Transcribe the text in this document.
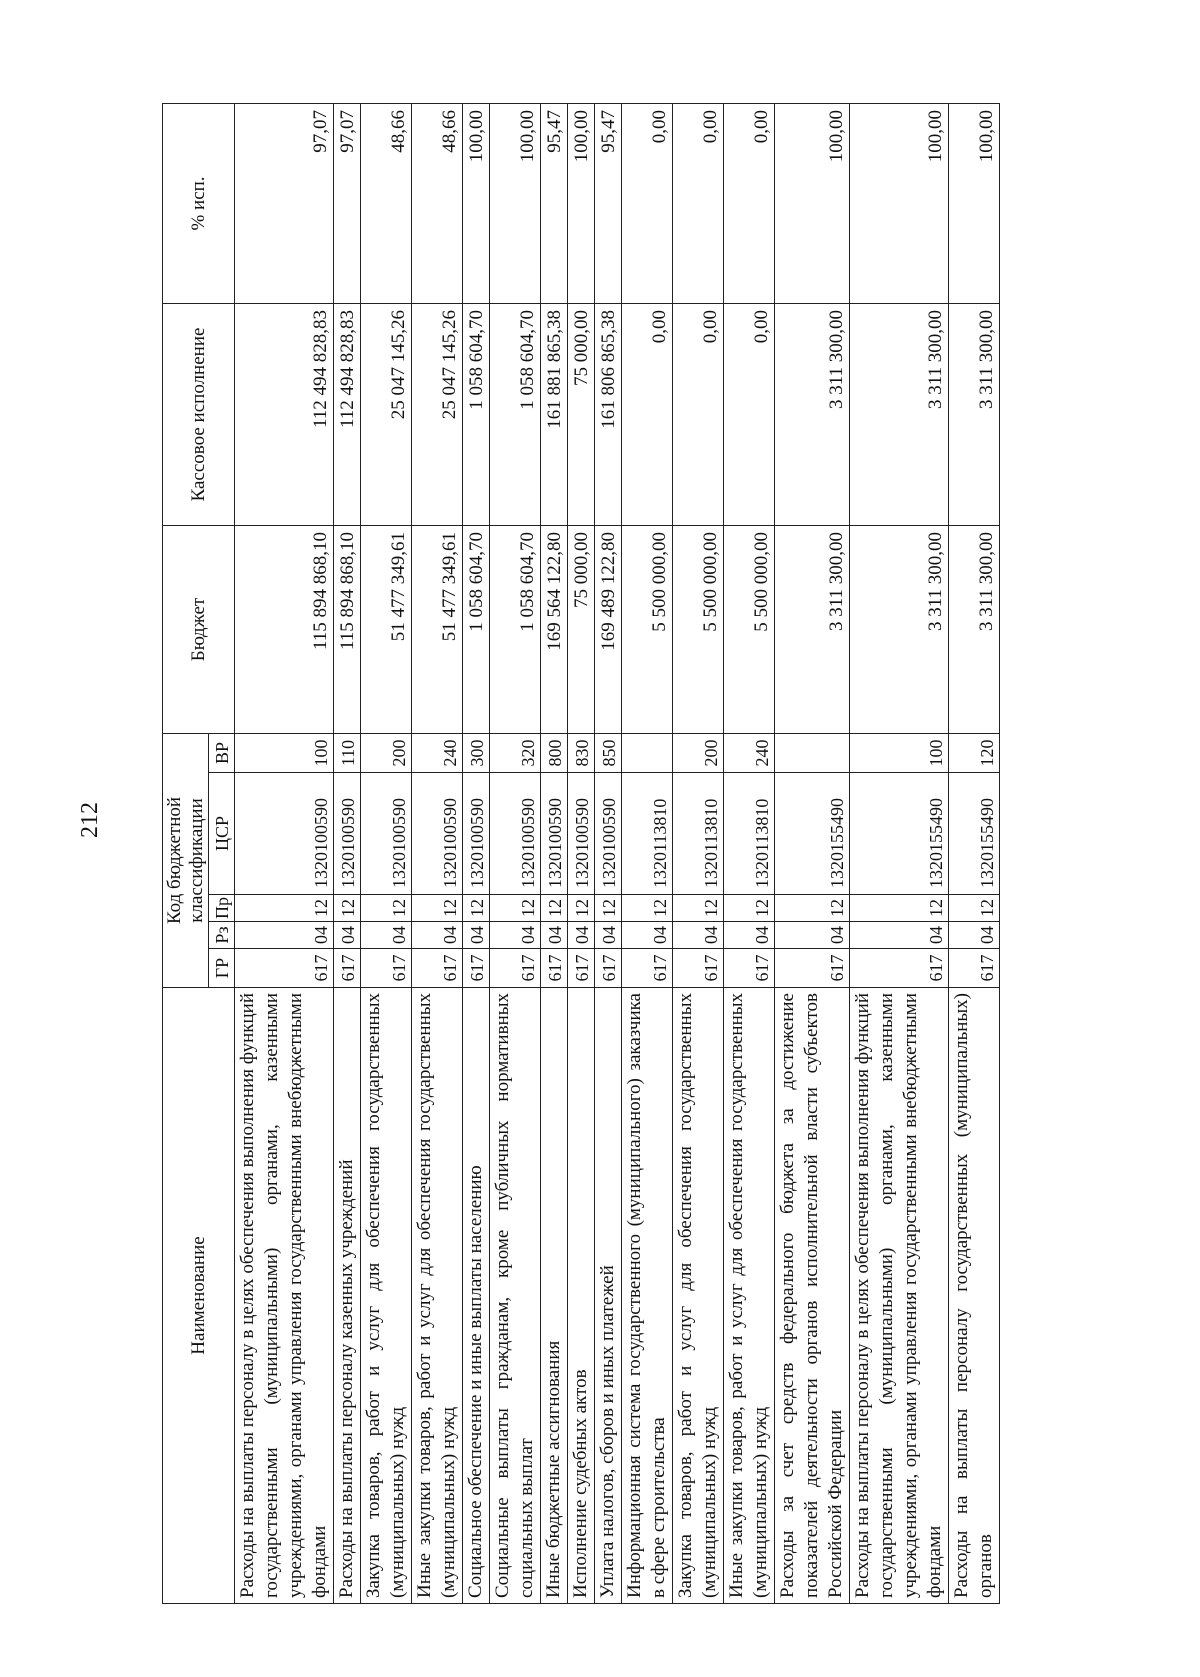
212
Наименование	Код бюджетной классификации					Бюджет	Кассовое исполнение	% исп.
	ГР	Рз	Пр	ЦСР	ВР			
Расходы на выплаты персоналу в целях обеспечения выполнения функций государственными (муниципальными) органами, казенными учреждениями, органами управления государственными внебюджетными фондами	617	04	12	1320100590	100	115 894 868,10	112 494 828,83	97,07
Расходы на выплаты персоналу казенных учреждений	617	04	12	1320100590	110	115 894 868,10	112 494 828,83	97,07
Закупка товаров, работ и услуг для обеспечения государственных (муниципальных) нужд	617	04	12	1320100590	200	51 477 349,61	25 047 145,26	48,66
Иные закупки товаров, работ и услуг для обеспечения государственных (муниципальных) нужд	617	04	12	1320100590	240	51 477 349,61	25 047 145,26	48,66
Социальное обеспечение и иные выплаты населению	617	04	12	1320100590	300	1 058 604,70	1 058 604,70	100,00
Социальные выплаты гражданам, кроме публичных нормативных социальных выплат	617	04	12	1320100590	320	1 058 604,70	1 058 604,70	100,00
Иные бюджетные ассигнования	617	04	12	1320100590	800	169 564 122,80	161 881 865,38	95,47
Исполнение судебных актов	617	04	12	1320100590	830	75 000,00	75 000,00	100,00
Уплата налогов, сборов и иных платежей	617	04	12	1320100590	850	169 489 122,80	161 806 865,38	95,47
Информационная система государственного (муниципального) заказчика в сфере строительства	617	04	12	1320113810		5 500 000,00	0,00	0,00
Закупка товаров, работ и услуг для обеспечения государственных (муниципальных) нужд	617	04	12	1320113810	200	5 500 000,00	0,00	0,00
Иные закупки товаров, работ и услуг для обеспечения государственных (муниципальных) нужд	617	04	12	1320113810	240	5 500 000,00	0,00	0,00
Расходы за счет средств федерального бюджета за достижение показателей деятельности органов исполнительной власти субъектов Российской Федерации	617	04	12	1320155490		3 311 300,00	3 311 300,00	100,00
Расходы на выплаты персоналу в целях обеспечения выполнения функций государственными (муниципальными) органами, казенными учреждениями, органами управления государственными внебюджетными фондами	617	04	12	1320155490	100	3 311 300,00	3 311 300,00	100,00
Расходы на выплаты персоналу государственных (муниципальных) органов	617	04	12	1320155490	120	3 311 300,00	3 311 300,00	100,00
